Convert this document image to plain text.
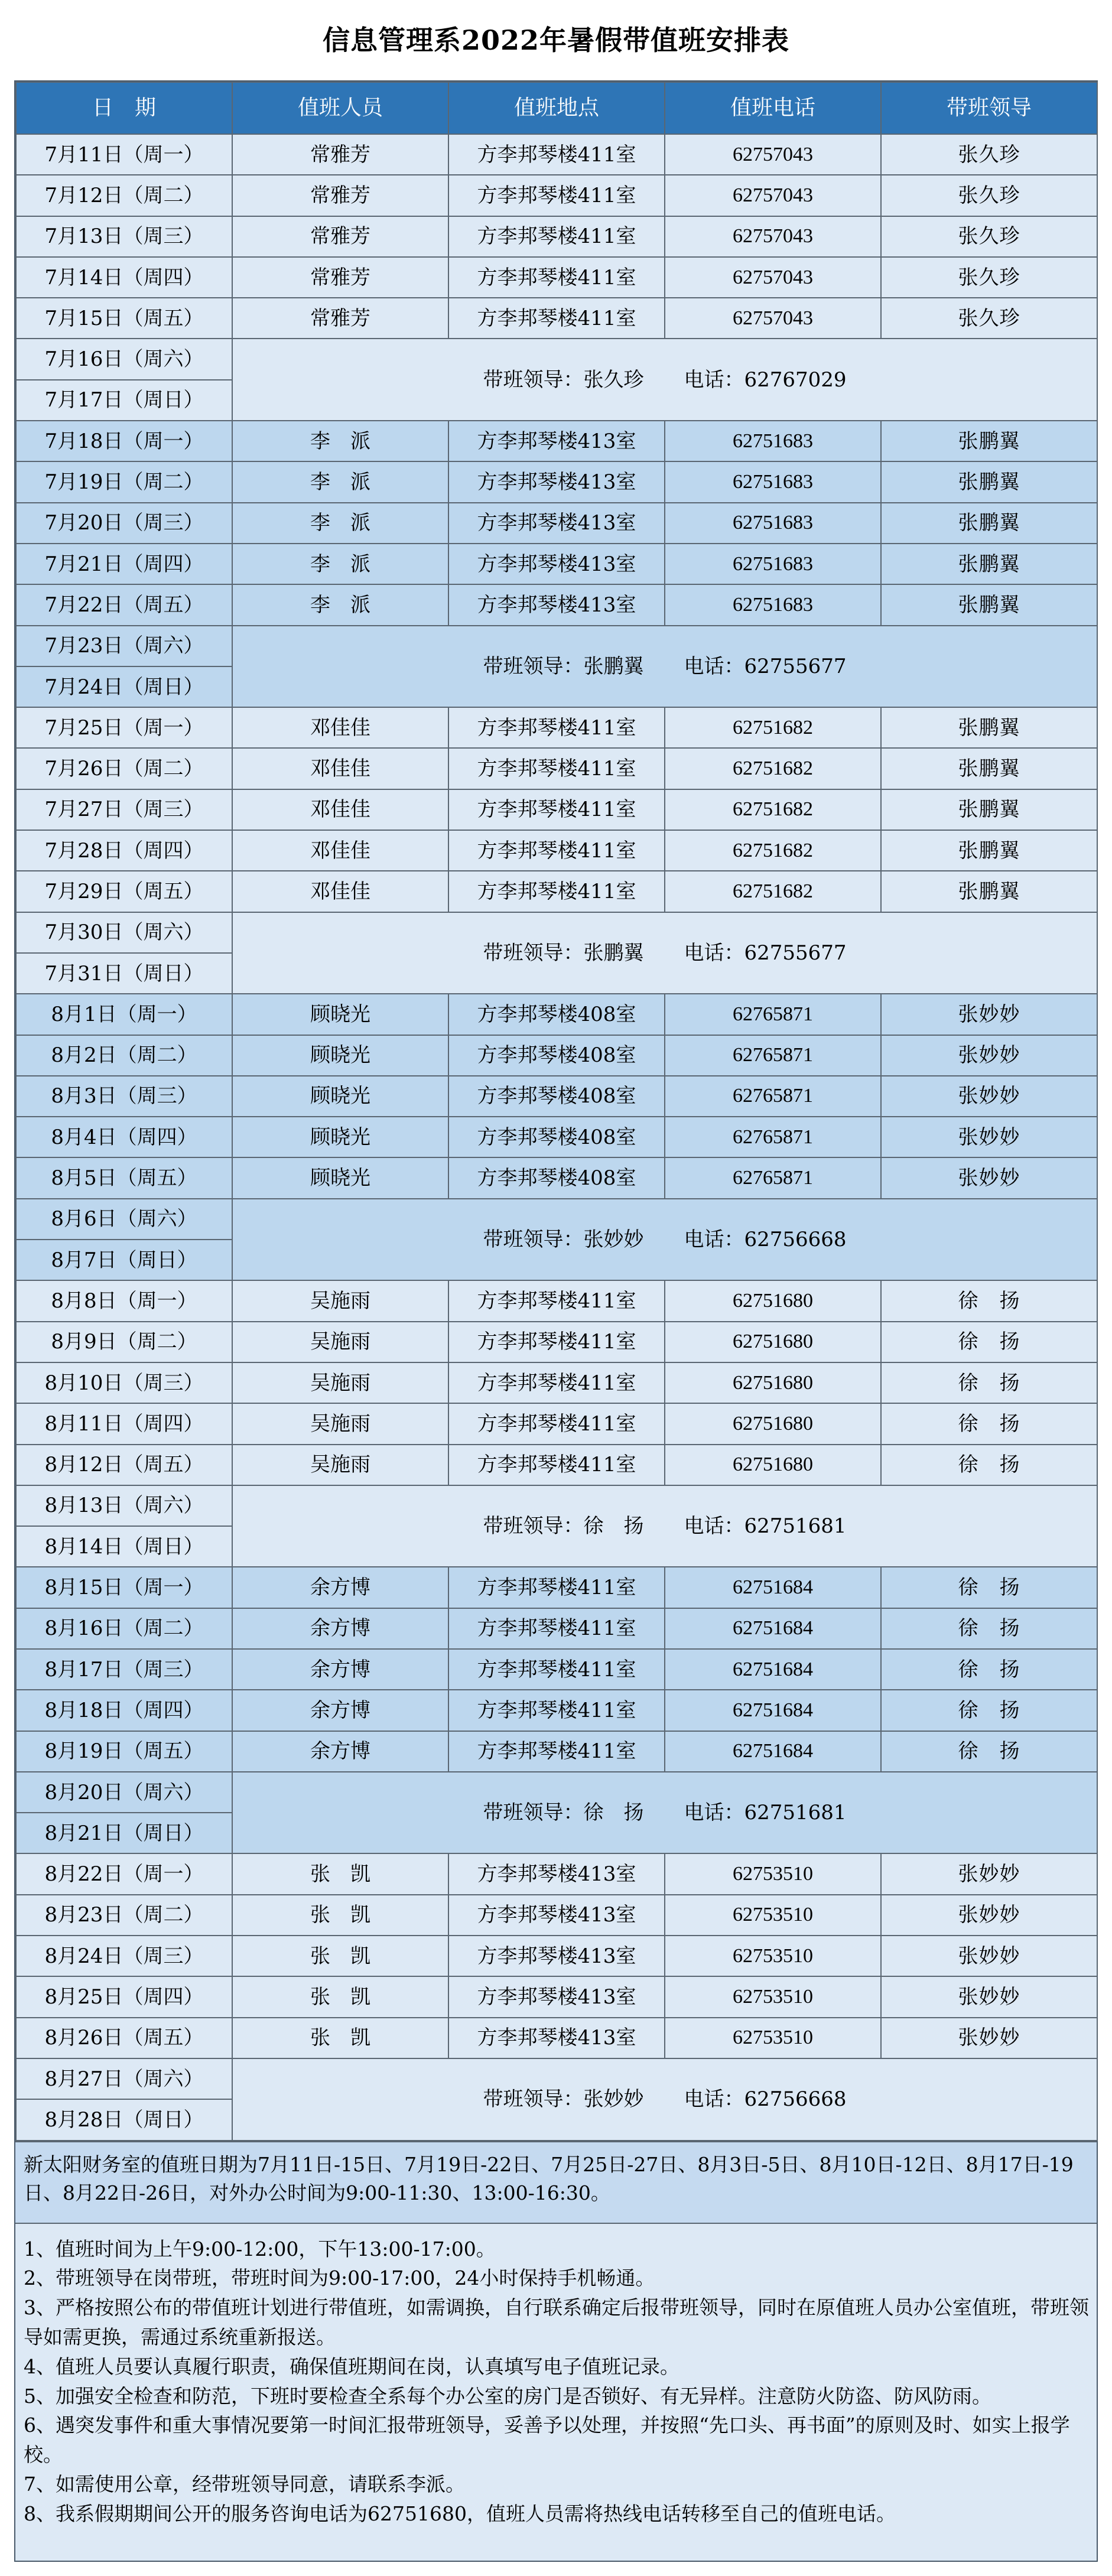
信息管理系2022年暑假带值班安排表
日　期	值班人员	值班地点	值班电话	带班领导
7月11日（周一）	常雅芳	方李邦琴楼411室	62757043	张久珍
7月12日（周二）	常雅芳	方李邦琴楼411室	62757043	张久珍
7月13日（周三）	常雅芳	方李邦琴楼411室	62757043	张久珍
7月14日（周四）	常雅芳	方李邦琴楼411室	62757043	张久珍
7月15日（周五）	常雅芳	方李邦琴楼411室	62757043	张久珍
7月16日（周六）	带班领导：张久珍　　电话：62767029			
7月17日（周日）				
7月18日（周一）	李　派	方李邦琴楼413室	62751683	张鹏翼
7月19日（周二）	李　派	方李邦琴楼413室	62751683	张鹏翼
7月20日（周三）	李　派	方李邦琴楼413室	62751683	张鹏翼
7月21日（周四）	李　派	方李邦琴楼413室	62751683	张鹏翼
7月22日（周五）	李　派	方李邦琴楼413室	62751683	张鹏翼
7月23日（周六）	带班领导：张鹏翼　　电话：62755677			
7月24日（周日）				
7月25日（周一）	邓佳佳	方李邦琴楼411室	62751682	张鹏翼
7月26日（周二）	邓佳佳	方李邦琴楼411室	62751682	张鹏翼
7月27日（周三）	邓佳佳	方李邦琴楼411室	62751682	张鹏翼
7月28日（周四）	邓佳佳	方李邦琴楼411室	62751682	张鹏翼
7月29日（周五）	邓佳佳	方李邦琴楼411室	62751682	张鹏翼
7月30日（周六）	带班领导：张鹏翼　　电话：62755677			
7月31日（周日）				
8月1日（周一）	顾晓光	方李邦琴楼408室	62765871	张妙妙
8月2日（周二）	顾晓光	方李邦琴楼408室	62765871	张妙妙
8月3日（周三）	顾晓光	方李邦琴楼408室	62765871	张妙妙
8月4日（周四）	顾晓光	方李邦琴楼408室	62765871	张妙妙
8月5日（周五）	顾晓光	方李邦琴楼408室	62765871	张妙妙
8月6日（周六）	带班领导：张妙妙　　电话：62756668			
8月7日（周日）				
8月8日（周一）	吴施雨	方李邦琴楼411室	62751680	徐　扬
8月9日（周二）	吴施雨	方李邦琴楼411室	62751680	徐　扬
8月10日（周三）	吴施雨	方李邦琴楼411室	62751680	徐　扬
8月11日（周四）	吴施雨	方李邦琴楼411室	62751680	徐　扬
8月12日（周五）	吴施雨	方李邦琴楼411室	62751680	徐　扬
8月13日（周六）	带班领导：徐　扬　　电话：62751681			
8月14日（周日）				
8月15日（周一）	余方博	方李邦琴楼411室	62751684	徐　扬
8月16日（周二）	余方博	方李邦琴楼411室	62751684	徐　扬
8月17日（周三）	余方博	方李邦琴楼411室	62751684	徐　扬
8月18日（周四）	余方博	方李邦琴楼411室	62751684	徐　扬
8月19日（周五）	余方博	方李邦琴楼411室	62751684	徐　扬
8月20日（周六）	带班领导：徐　扬　　电话：62751681			
8月21日（周日）				
8月22日（周一）	张　凯	方李邦琴楼413室	62753510	张妙妙
8月23日（周二）	张　凯	方李邦琴楼413室	62753510	张妙妙
8月24日（周三）	张　凯	方李邦琴楼413室	62753510	张妙妙
8月25日（周四）	张　凯	方李邦琴楼413室	62753510	张妙妙
8月26日（周五）	张　凯	方李邦琴楼413室	62753510	张妙妙
8月27日（周六）	带班领导：张妙妙　　电话：62756668			
8月28日（周日）				
新太阳财务室的值班日期为7月11日-15日、7月19日-22日、7月25日-27日、8月3日-5日、8月10日-12日、8月17日-19日、8月22日-26日，对外办公时间为9:00-11:30、13:00-16:30。

1、值班时间为上午9:00-12:00，下午13:00-17:00。

2、带班领导在岗带班，带班时间为9:00-17:00，24小时保持手机畅通。

3、严格按照公布的带值班计划进行带值班，如需调换，自行联系确定后报带班领导，同时在原值班人员办公室值班，带班领导如需更换，需通过系统重新报送。

4、值班人员要认真履行职责，确保值班期间在岗，认真填写电子值班记录。

5、加强安全检查和防范，下班时要检查全系每个办公室的房门是否锁好、有无异样。注意防火防盗、防风防雨。

6、遇突发事件和重大事情况要第一时间汇报带班领导，妥善予以处理，并按照“先口头、再书面”的原则及时、如实上报学校。

7、如需使用公章，经带班领导同意，请联系李派。

8、我系假期期间公开的服务咨询电话为62751680，值班人员需将热线电话转移至自己的值班电话。
